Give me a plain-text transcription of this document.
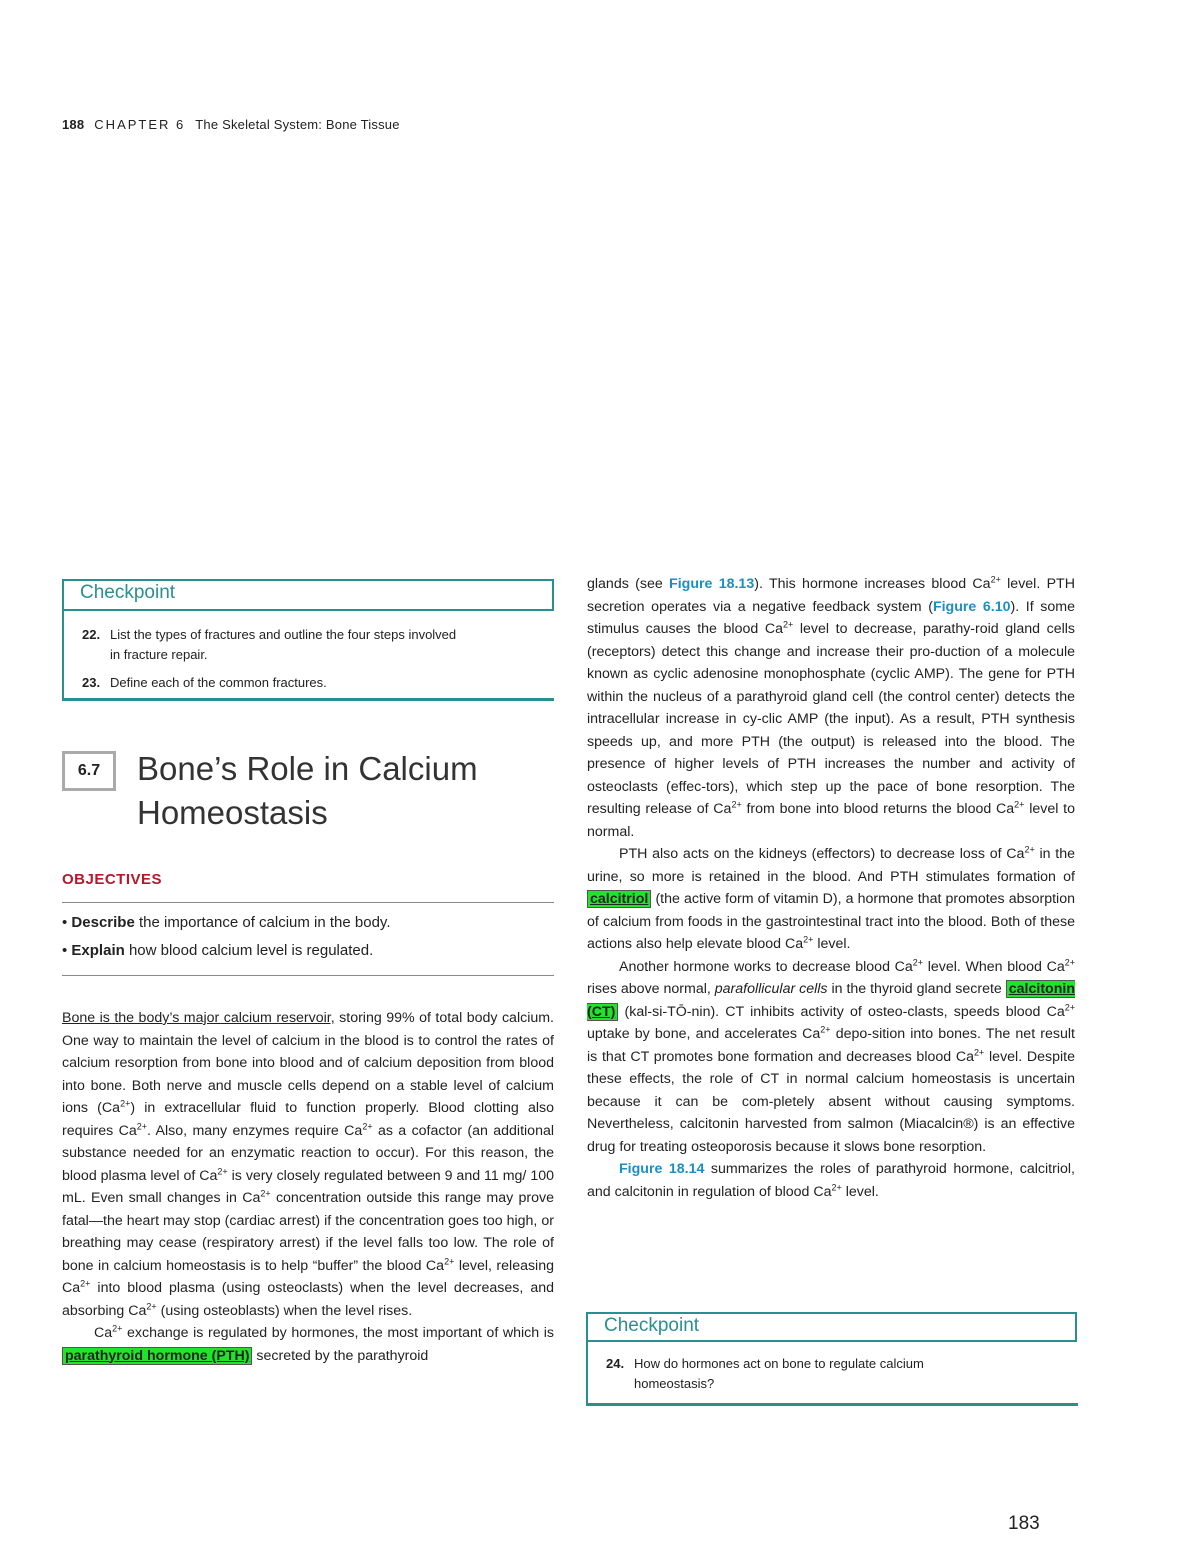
188 CHAPTER 6 The Skeletal System: Bone Tissue
Checkpoint
22. List the types of fractures and outline the four steps involved
in fracture repair.
23. Define each of the common fractures.
6.7	Bone’s Role in Calcium
Homeostasis
OBJECTIVES
• Describe the importance of calcium in the body.
• Explain how blood calcium level is regulated.

Bone is the body’s major calcium reservoir, storing 99% of total body calcium. One way to maintain the level of calcium in the blood is to control the rates of calcium resorption from bone into blood and of calcium deposition from blood into bone. Both nerve and muscle cells depend on a stable level of calcium ions $(Ca^{2+})$ in extracellular fluid to function properly. Blood clotting also requires $Ca^{2+}$. Also, many enzymes require $Ca^{2+}$ as a cofactor (an additional substance needed for an enzymatic reaction to occur). For this reason, the blood plasma level of $Ca^{2+}$ is very closely regulated between 9 and 11 mg/ 100 mL. Even small changes in $Ca^{2+}$ concentration outside this range may prove fatal—the heart may stop (cardiac arrest) if the concentration goes too high, or breathing may cease (respiratory arrest) if the level falls too low. The role of bone in calcium homeostasis is to help “buffer” the blood $Ca^{2+}$ level, releasing $Ca^{2+}$ into blood plasma (using osteoclasts) when the level decreases, and absorbing $Ca^{2+}$ (using osteoblasts) when the level rises.

$Ca^{2+}$ exchange is regulated by hormones, the most important of which is parathyroid hormone (PTH) secreted by the parathyroid

glands (see Figure 18.13). This hormone increases blood $Ca^{2+}$ level. PTH secretion operates via a negative feedback system (Figure 6.10). If some stimulus causes the blood $Ca^{2+}$ level to decrease, parathy-roid gland cells (receptors) detect this change and increase their pro-duction of a molecule known as cyclic adenosine monophosphate (cyclic AMP). The gene for PTH within the nucleus of a parathyroid gland cell (the control center) detects the intracellular increase in cy-clic AMP (the input). As a result, PTH synthesis speeds up, and more PTH (the output) is released into the blood. The presence of higher levels of PTH increases the number and activity of osteoclasts (effec-tors), which step up the pace of bone resorption. The resulting release of $Ca^{2+}$ from bone into blood returns the blood $Ca^{2+}$ level to normal.

PTH also acts on the kidneys (effectors) to decrease loss of $Ca^{2+}$ in the urine, so more is retained in the blood. And PTH stimulates formation of calcitriol (the active form of vitamin D), a hormone that promotes absorption of calcium from foods in the gastrointestinal tract into the blood. Both of these actions also help elevate blood $Ca^{2+}$ level.

Another hormone works to decrease blood $Ca^{2+}$ level. When blood $Ca^{2+}$ rises above normal, parafollicular cells in the thyroid gland secrete calcitonin (CT) (kal-si-TŌ-nin). CT inhibits activity of osteo-clasts, speeds blood $Ca^{2+}$ uptake by bone, and accelerates $Ca^{2+}$ depo-sition into bones. The net result is that CT promotes bone formation and decreases blood $Ca^{2+}$ level. Despite these effects, the role of CT in normal calcium homeostasis is uncertain because it can be com-pletely absent without causing symptoms. Nevertheless, calcitonin harvested from salmon (Miacalcin®) is an effective drug for treating osteoporosis because it slows bone resorption.

Figure 18.14 summarizes the roles of parathyroid hormone, calcitriol, and calcitonin in regulation of blood $Ca^{2+}$ level.

Checkpoint
24. How do hormones act on bone to regulate calcium
homeostasis?
183
